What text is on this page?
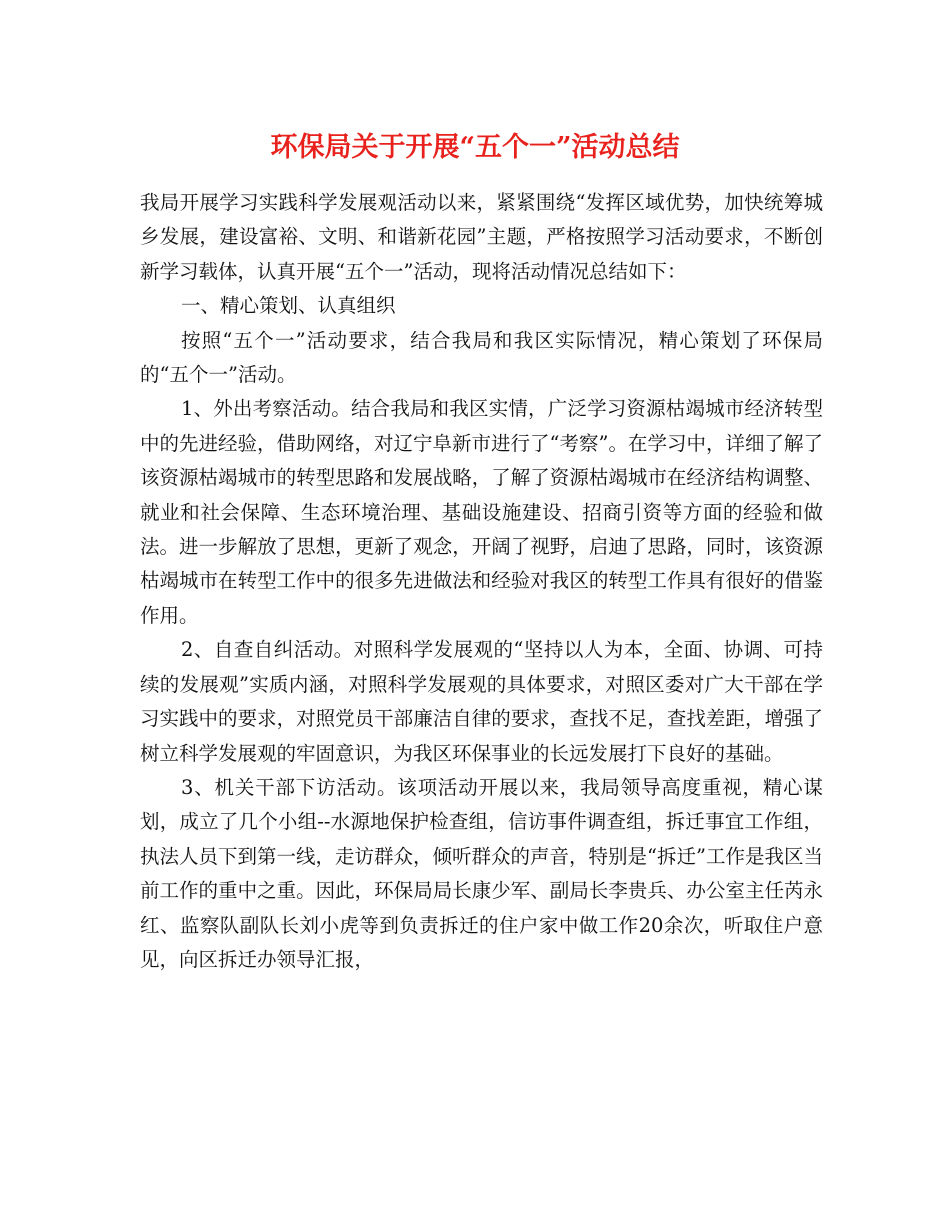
环保局关于开展“五个一”活动总结

我局开展学习实践科学发展观活动以来，紧紧围绕“发挥区域优势，加快统筹城乡发展，建设富裕、文明、和谐新花园”主题，严格按照学习活动要求，不断创新学习载体，认真开展“五个一”活动，现将活动情况总结如下：

一、精心策划、认真组织

按照“五个一”活动要求，结合我局和我区实际情况，精心策划了环保局的“五个一”活动。

1、外出考察活动。结合我局和我区实情，广泛学习资源枯竭城市经济转型中的先进经验，借助网络，对辽宁阜新市进行了“考察”。在学习中，详细了解了该资源枯竭城市的转型思路和发展战略，了解了资源枯竭城市在经济结构调整、就业和社会保障、生态环境治理、基础设施建设、招商引资等方面的经验和做法。进一步解放了思想，更新了观念，开阔了视野，启迪了思路，同时，该资源枯竭城市在转型工作中的很多先进做法和经验对我区的转型工作具有很好的借鉴作用。

2、自查自纠活动。对照科学发展观的“坚持以人为本，全面、协调、可持续的发展观”实质内涵，对照科学发展观的具体要求，对照区委对广大干部在学习实践中的要求，对照党员干部廉洁自律的要求，查找不足，查找差距，增强了树立科学发展观的牢固意识，为我区环保事业的长远发展打下良好的基础。

3、机关干部下访活动。该项活动开展以来，我局领导高度重视，精心谋划，成立了几个小组--水源地保护检查组，信访事件调查组，拆迁事宜工作组，执法人员下到第一线，走访群众，倾听群众的声音，特别是“拆迁”工作是我区当前工作的重中之重。因此，环保局局长康少军、副局长李贵兵、办公室主任芮永红、监察队副队长刘小虎等到负责拆迁的住户家中做工作20余次，听取住户意见，向区拆迁办领导汇报，
